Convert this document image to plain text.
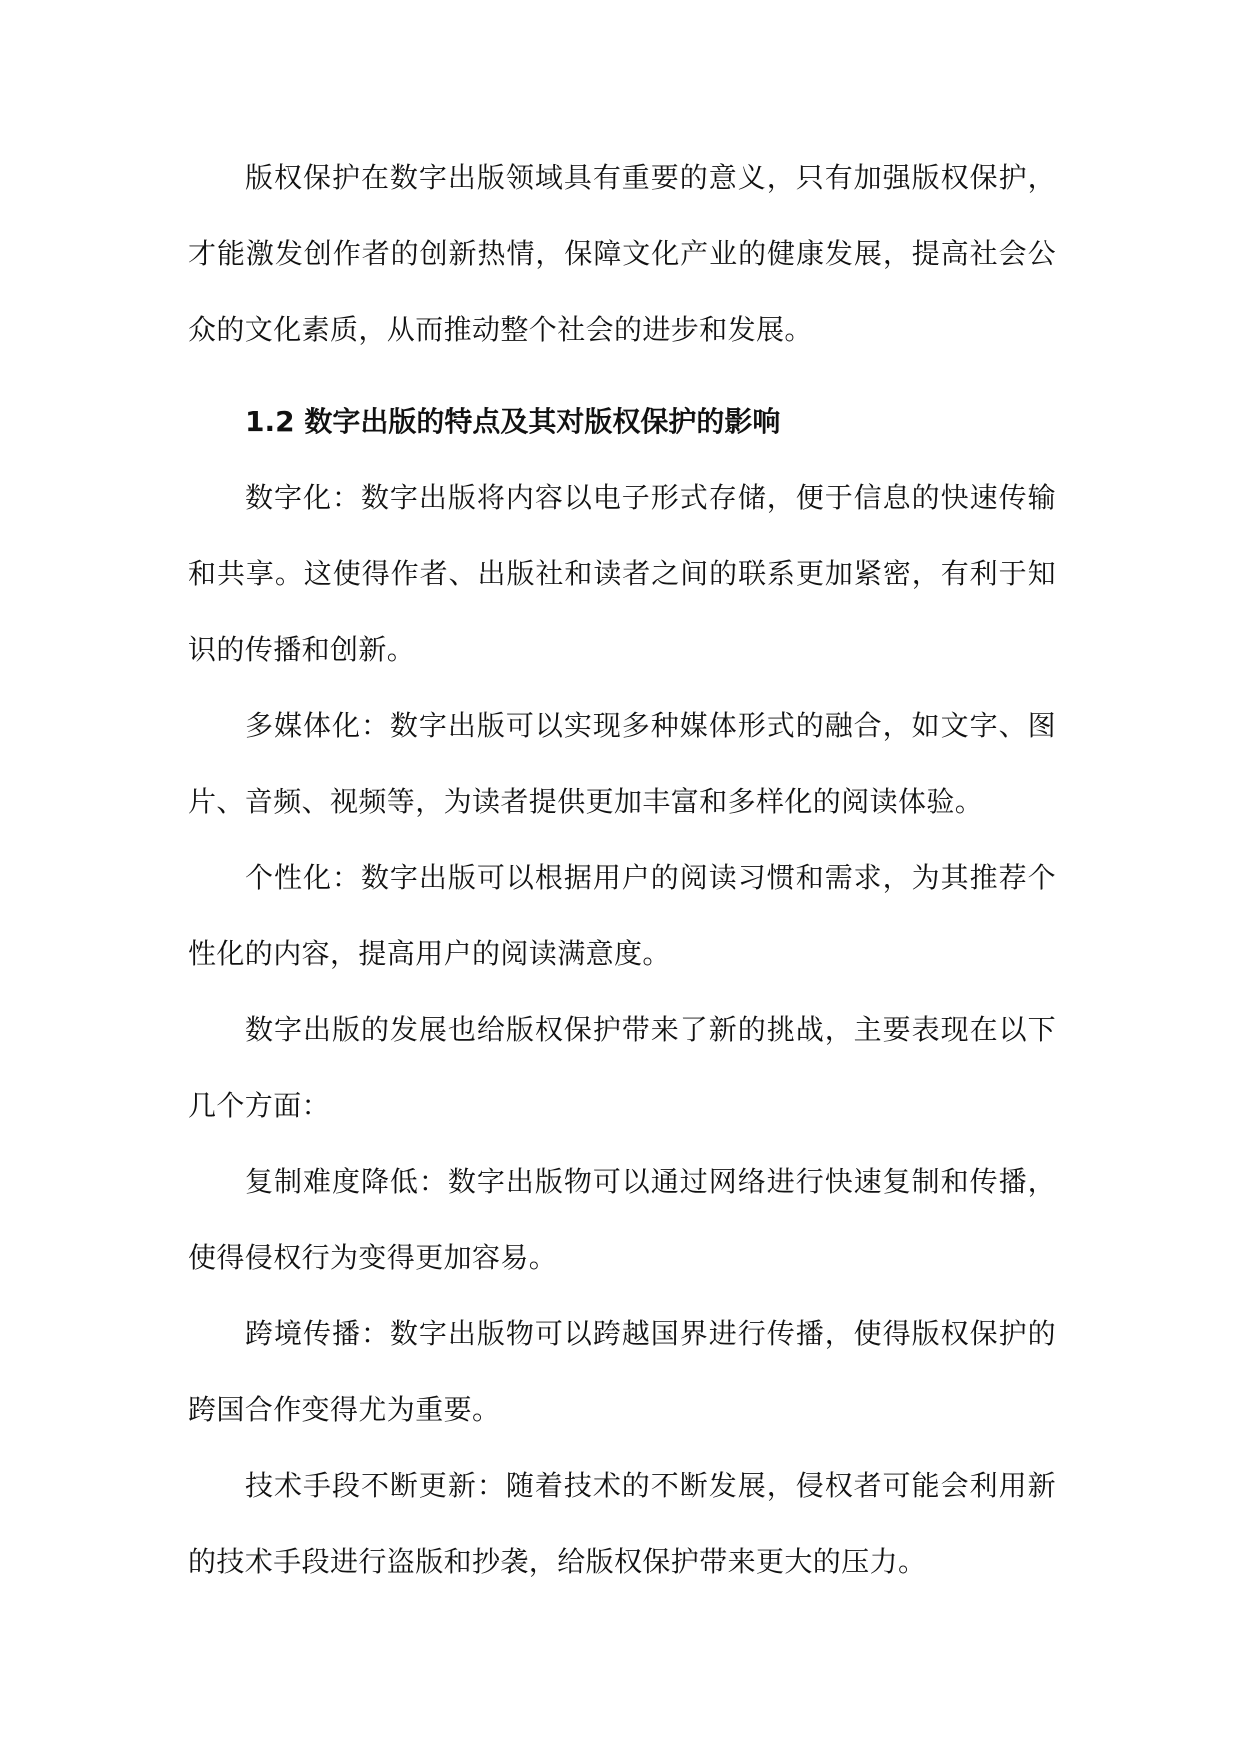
版权保护在数字出版领域具有重要的意义，只有加强版权保护，才能激发创作者的创新热情，保障文化产业的健康发展，提高社会公众的文化素质，从而推动整个社会的进步和发展。

1.2 数字出版的特点及其对版权保护的影响

数字化：数字出版将内容以电子形式存储，便于信息的快速传输和共享。这使得作者、出版社和读者之间的联系更加紧密，有利于知识的传播和创新。

多媒体化：数字出版可以实现多种媒体形式的融合，如文字、图片、音频、视频等，为读者提供更加丰富和多样化的阅读体验。

个性化：数字出版可以根据用户的阅读习惯和需求，为其推荐个性化的内容，提高用户的阅读满意度。

数字出版的发展也给版权保护带来了新的挑战，主要表现在以下几个方面：

复制难度降低：数字出版物可以通过网络进行快速复制和传播，使得侵权行为变得更加容易。

跨境传播：数字出版物可以跨越国界进行传播，使得版权保护的跨国合作变得尤为重要。

技术手段不断更新：随着技术的不断发展，侵权者可能会利用新的技术手段进行盗版和抄袭，给版权保护带来更大的压力。
